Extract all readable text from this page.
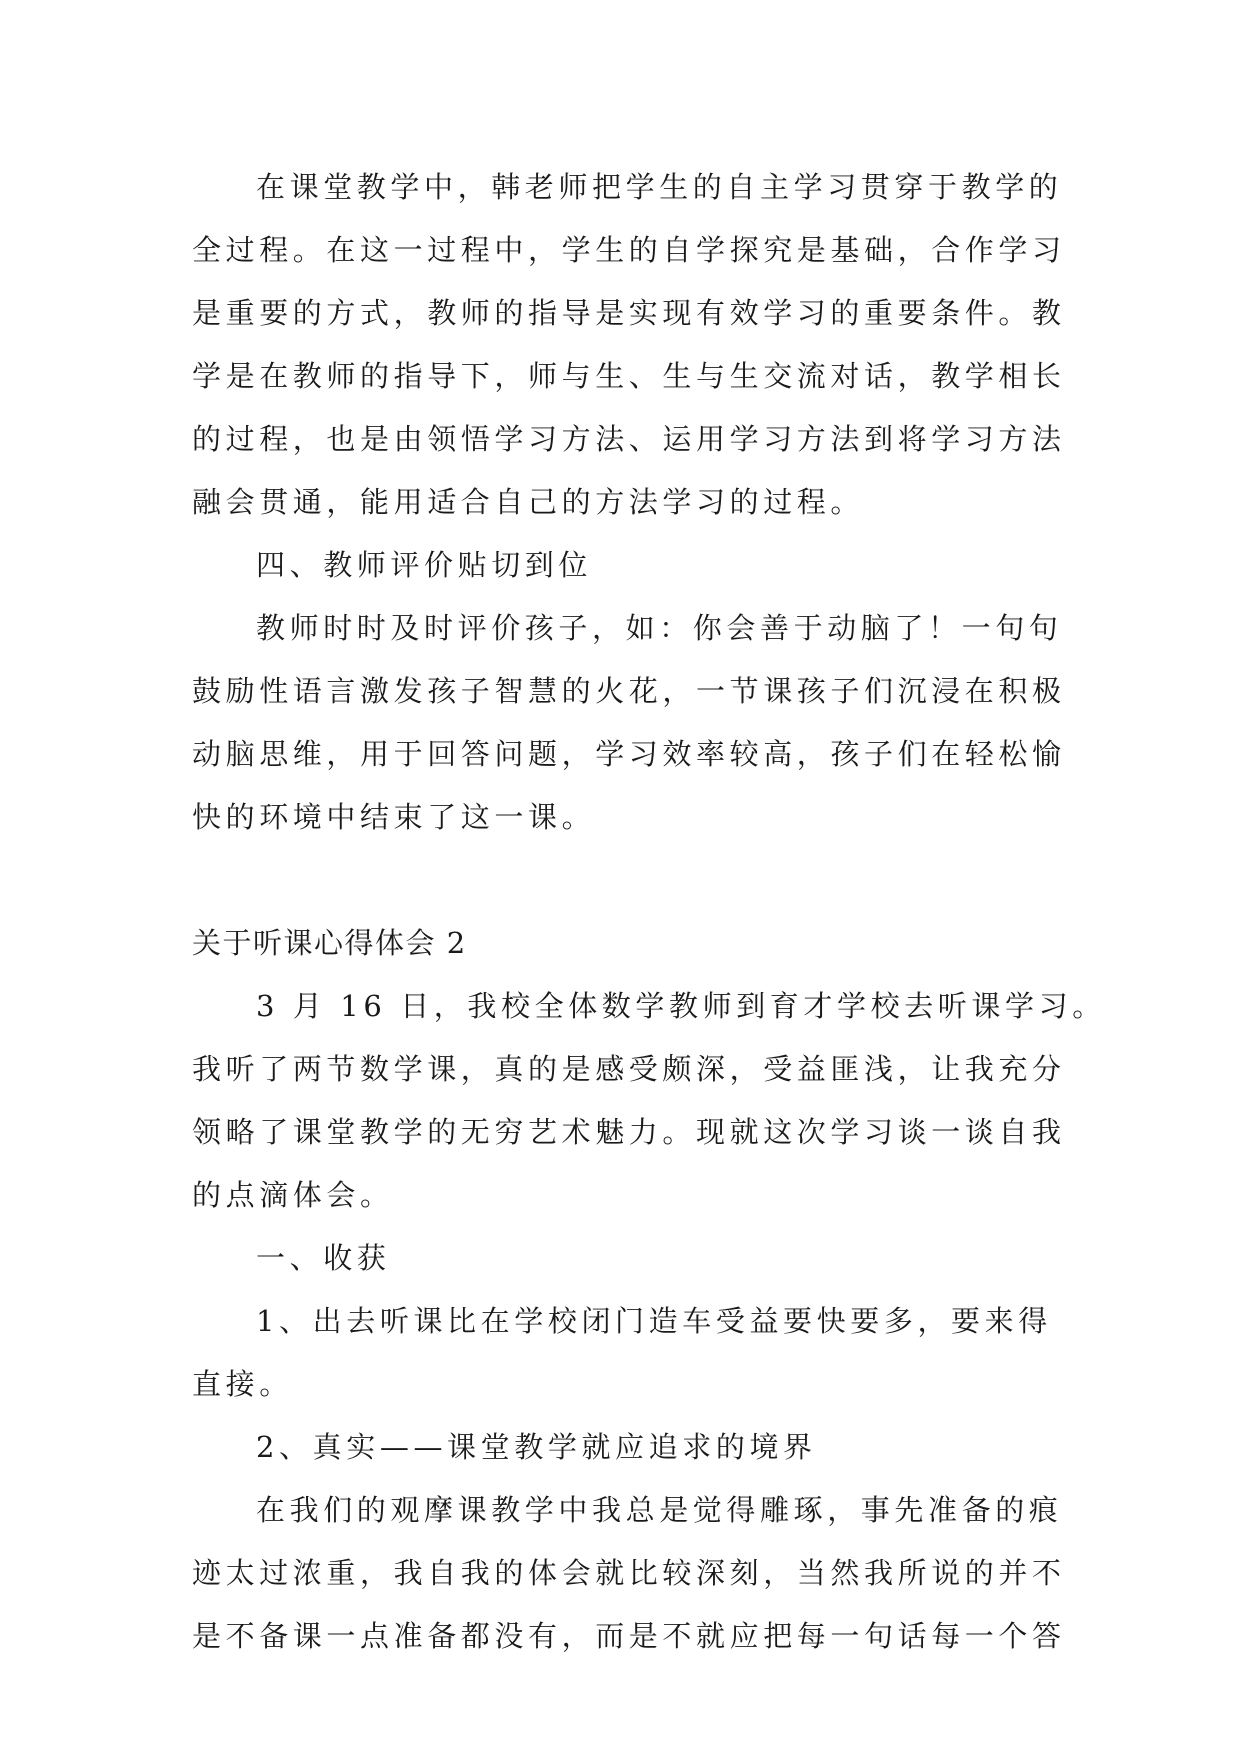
在课堂教学中，韩老师把学生的自主学习贯穿于教学的
全过程。在这一过程中，学生的自学探究是基础，合作学习
是重要的方式，教师的指导是实现有效学习的重要条件。教
学是在教师的指导下，师与生、生与生交流对话，教学相长
的过程，也是由领悟学习方法、运用学习方法到将学习方法
融会贯通，能用适合自己的方法学习的过程。
四、教师评价贴切到位
教师时时及时评价孩子，如：你会善于动脑了！一句句
鼓励性语言激发孩子智慧的火花，一节课孩子们沉浸在积极
动脑思维，用于回答问题，学习效率较高，孩子们在轻松愉
快的环境中结束了这一课。
关于听课心得体会 2
3 月 16 日，我校全体数学教师到育才学校去听课学习。
我听了两节数学课，真的是感受颇深，受益匪浅，让我充分
领略了课堂教学的无穷艺术魅力。现就这次学习谈一谈自我
的点滴体会。
一、收获
1、出去听课比在学校闭门造车受益要快要多，要来得
直接。
2、真实——课堂教学就应追求的境界
在我们的观摩课教学中我总是觉得雕琢，事先准备的痕
迹太过浓重，我自我的体会就比较深刻，当然我所说的并不
是不备课一点准备都没有，而是不就应把每一句话每一个答
